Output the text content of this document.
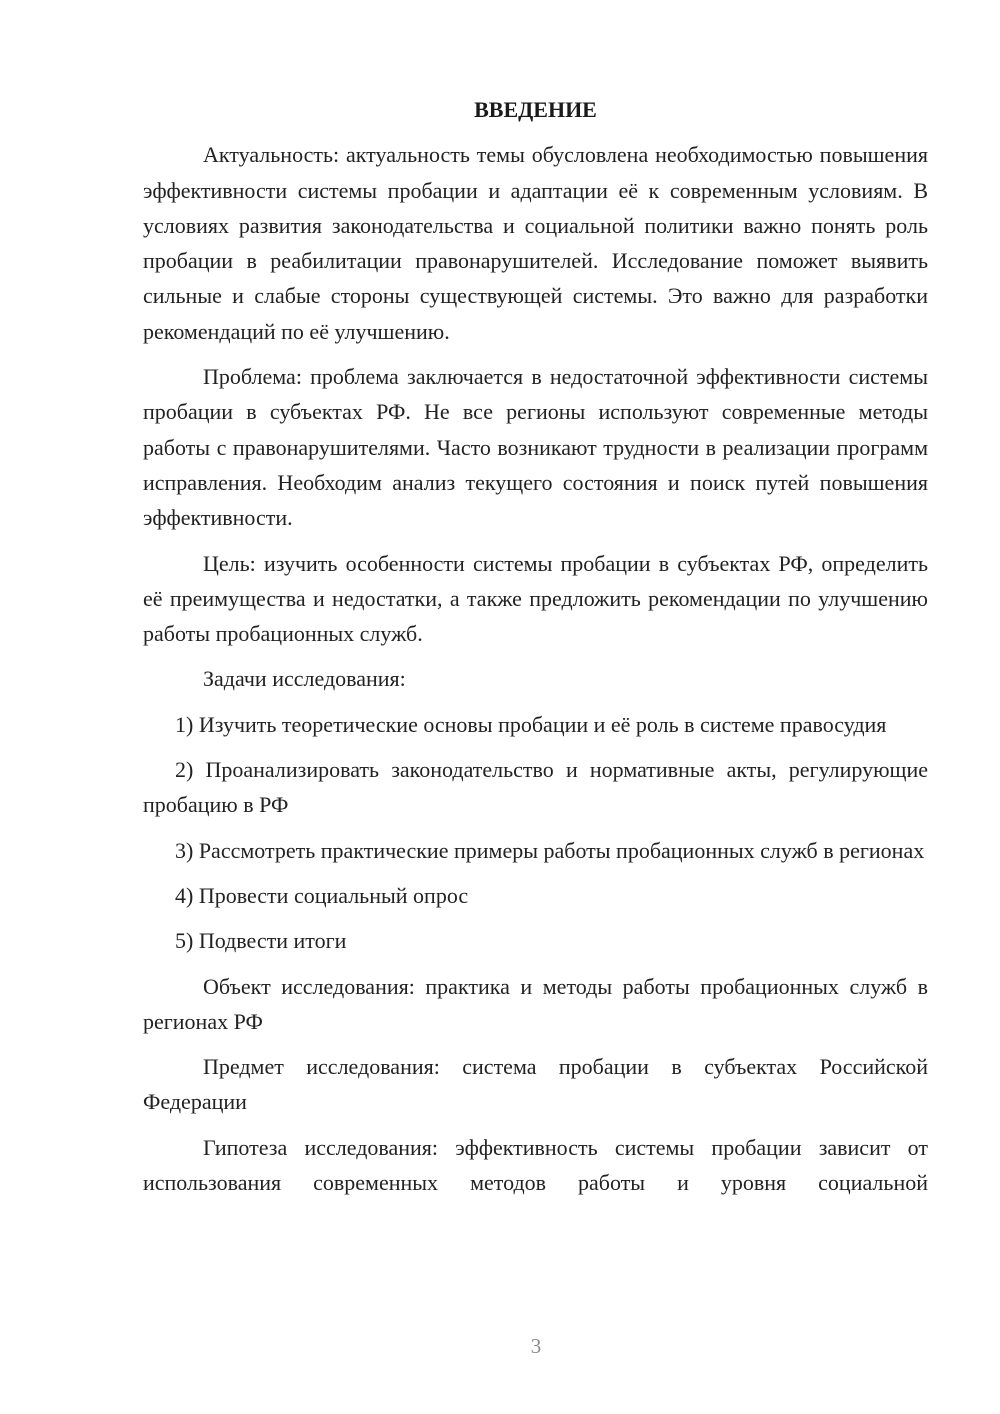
ВВЕДЕНИЕ

Актуальность: актуальность темы обусловлена необходимостью повышения эффективности системы пробации и адаптации её к современным условиям. В условиях развития законодательства и социальной политики важно понять роль пробации в реабилитации правонарушителей. Исследование поможет выявить сильные и слабые стороны существующей системы. Это важно для разработки рекомендаций по её улучшению.

Проблема: проблема заключается в недостаточной эффективности системы пробации в субъектах РФ. Не все регионы используют современные методы работы с правонарушителями. Часто возникают трудности в реализации программ исправления. Необходим анализ текущего состояния и поиск путей повышения эффективности.

Цель: изучить особенности системы пробации в субъектах РФ, определить её преимущества и недостатки, а также предложить рекомендации по улучшению работы пробационных служб.

Задачи исследования:

1) Изучить теоретические основы пробации и её роль в системе правосудия

2) Проанализировать законодательство и нормативные акты, регулирующие пробацию в РФ

3) Рассмотреть практические примеры работы пробационных служб в регионах

4) Провести социальный опрос

5) Подвести итоги

Объект исследования: практика и методы работы пробационных служб в регионах РФ

Предмет исследования: система пробации в субъектах Российской Федерации

Гипотеза исследования: эффективность системы пробации зависит от использования современных методов работы и уровня социальной

3
